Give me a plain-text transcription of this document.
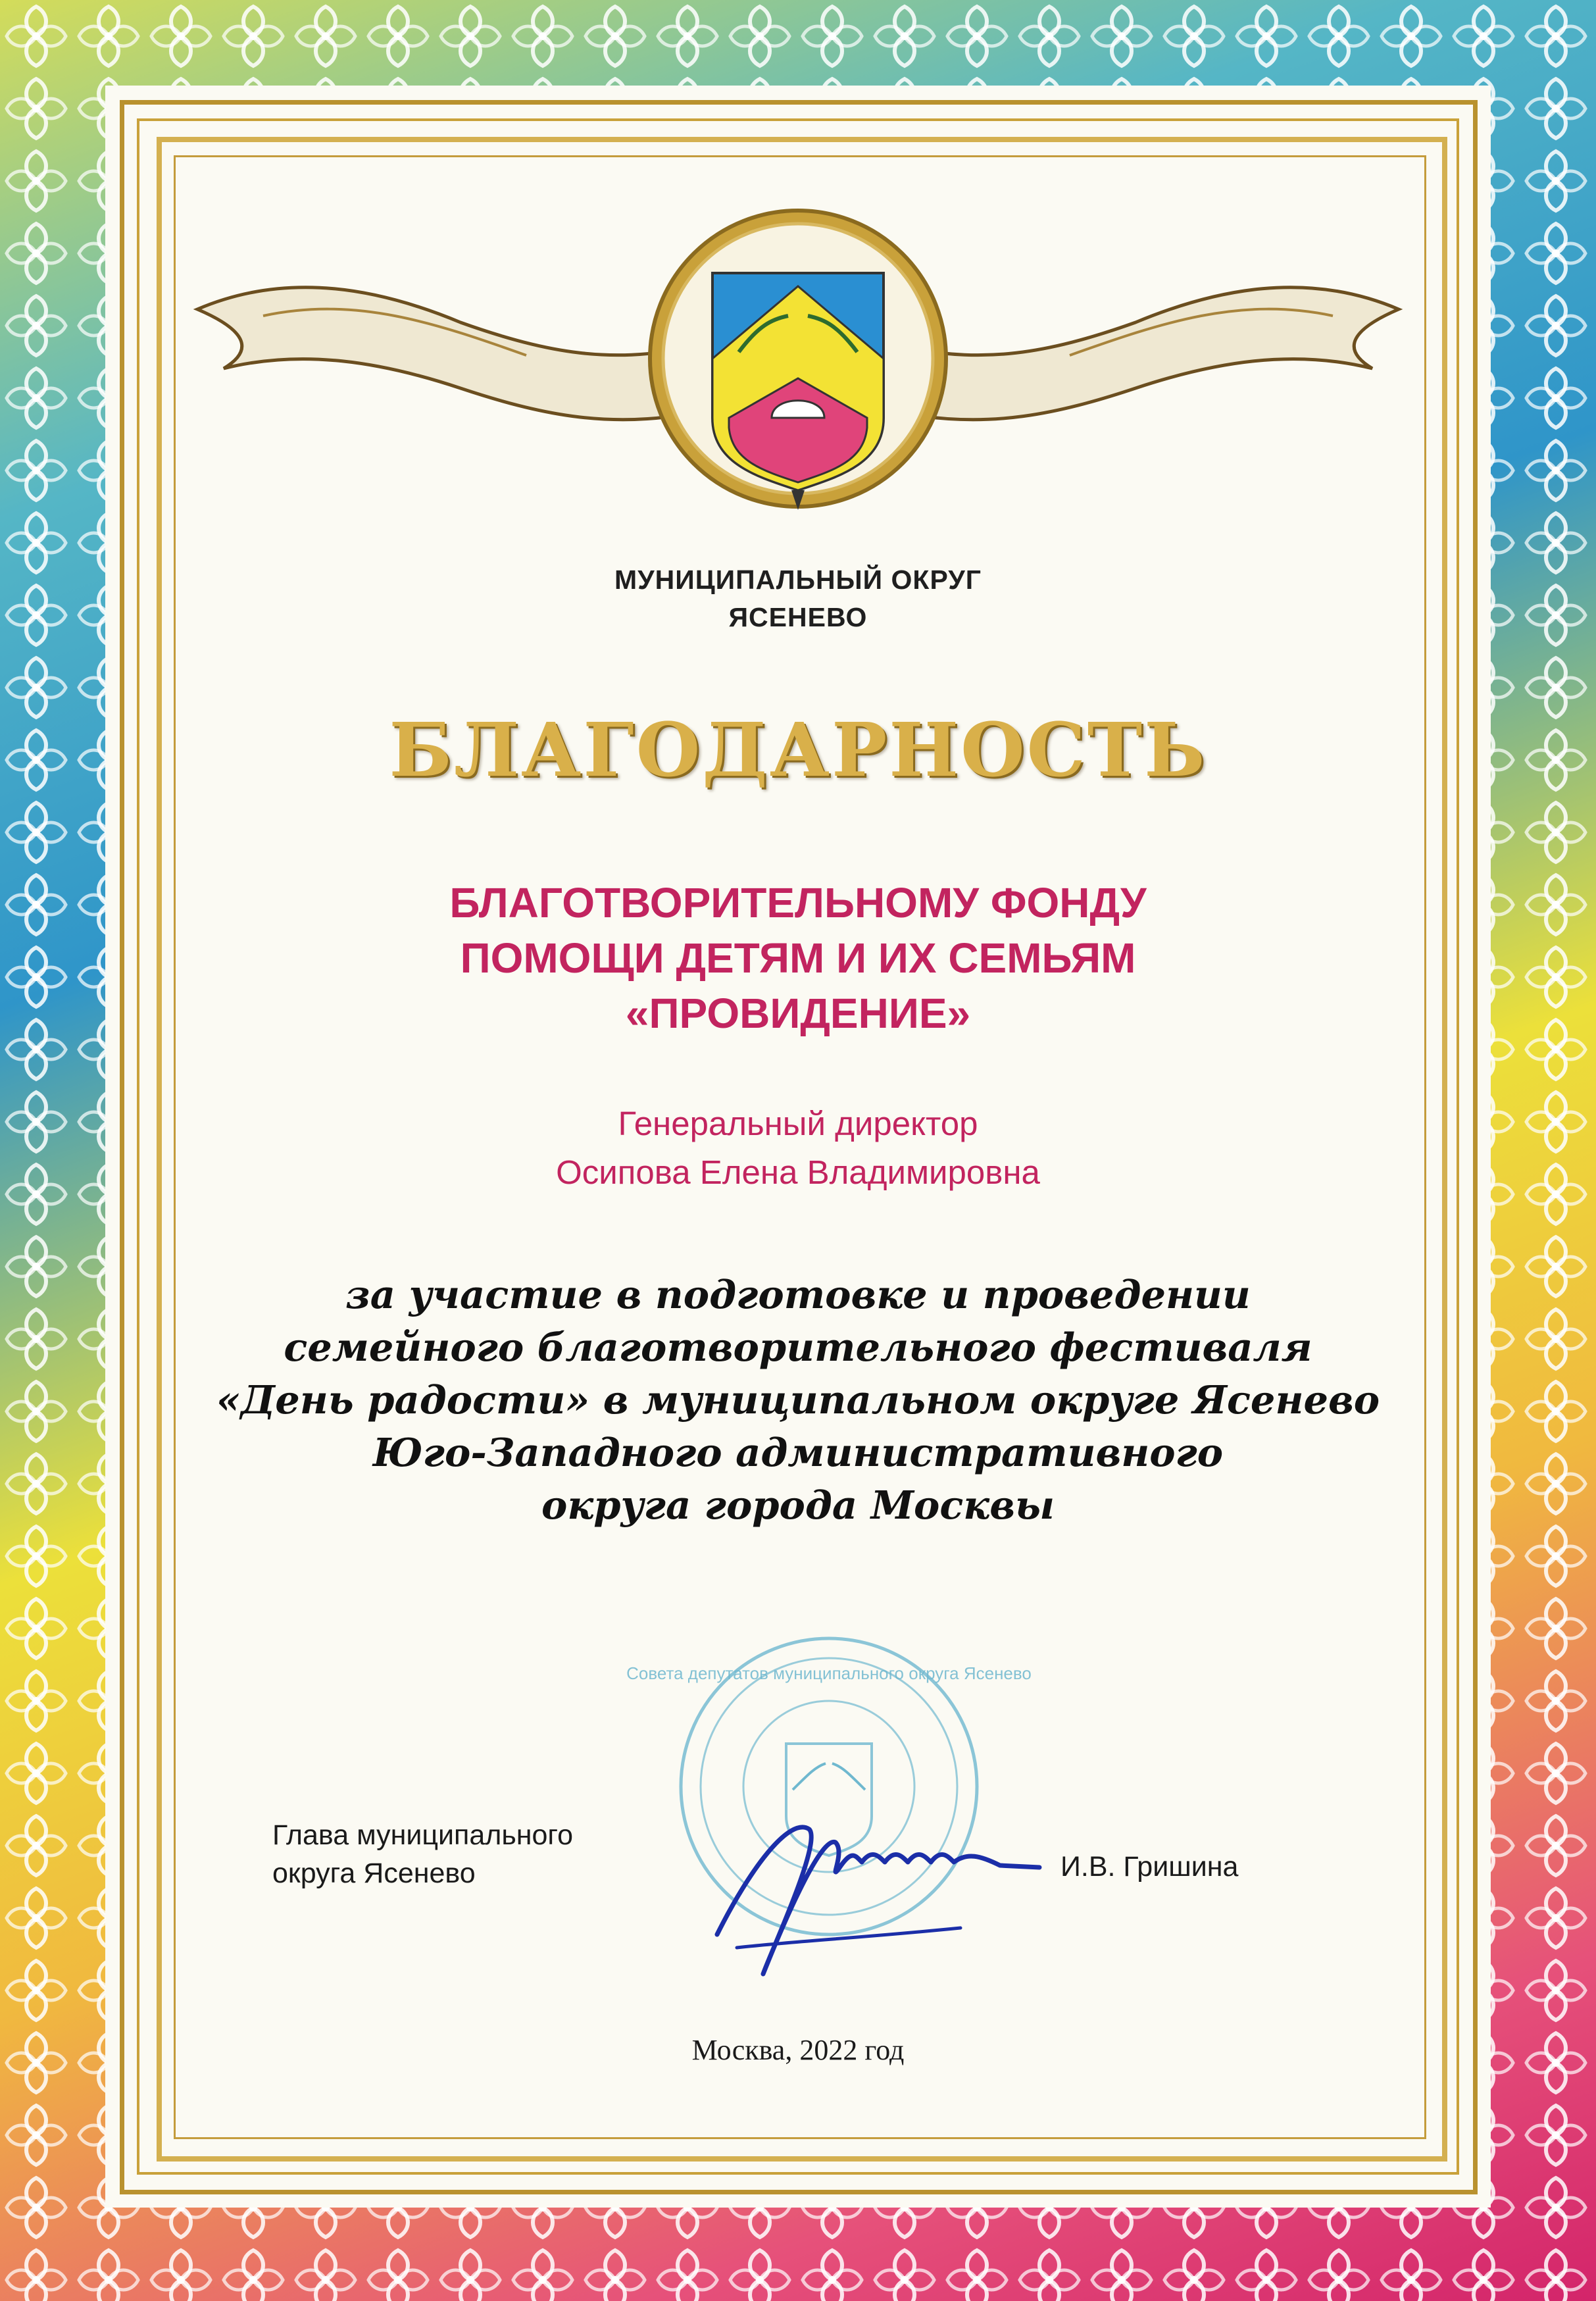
МУНИЦИПАЛЬНЫЙ ОКРУГ
ЯСЕНЕВО
БЛАГОДАРНОСТЬ
БЛАГОТВОРИТЕЛЬНОМУ ФОНДУ
ПОМОЩИ ДЕТЯМ И ИХ СЕМЬЯМ
«ПРОВИДЕНИЕ»
Генеральный директор
Осипова Елена Владимировна
за участие в подготовке и проведении
семейного благотворительного фестиваля
«День радости» в муниципальном округе Ясенево
Юго-Западного административного
округа города Москвы
Совета депутатов муниципального округа Ясенево
Глава муниципального
округа Ясенево	И.В. Гришина
Москва, 2022 год
